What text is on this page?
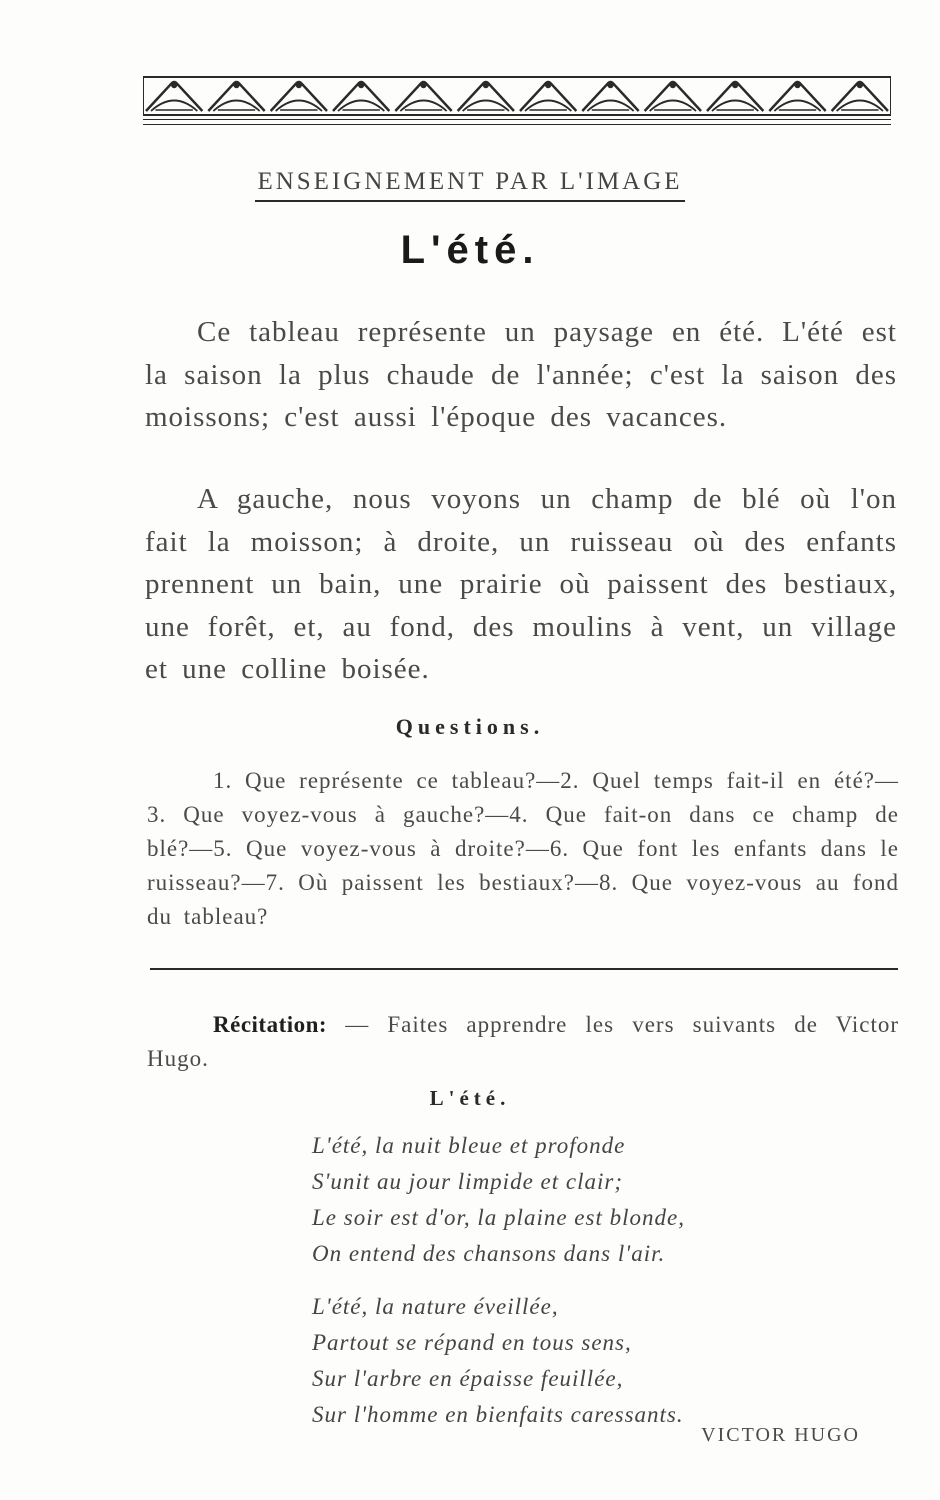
ENSEIGNEMENT PAR L'IMAGE
L'été.

Ce tableau représente un paysage en été. L'été est la saison la plus chaude de l'année; c'est la saison des moissons; c'est aussi l'époque des vacances.

A gauche, nous voyons un champ de blé où l'on fait la moisson; à droite, un ruisseau où des enfants prennent un bain, une prairie où paissent des bestiaux, une forêt, et, au fond, des moulins à vent, un village et une colline boisée.

Questions.

1. Que représente ce tableau?—2. Quel temps fait-il en été?—3. Que voyez-vous à gauche?—4. Que fait-on dans ce champ de blé?—5. Que voyez-vous à droite?—6. Que font les enfants dans le ruisseau?—7. Où paissent les bestiaux?—8. Que voyez-vous au fond du tableau?

Récitation: — Faites apprendre les vers suivants de Victor Hugo.

L'été.
L'été, la nuit bleue et profonde
S'unit au jour limpide et clair;
Le soir est d'or, la plaine est blonde,
On entend des chansons dans l'air.
L'été, la nature éveillée,
Partout se répand en tous sens,
Sur l'arbre en épaisse feuillée,
Sur l'homme en bienfaits caressants.
VICTOR HUGO
